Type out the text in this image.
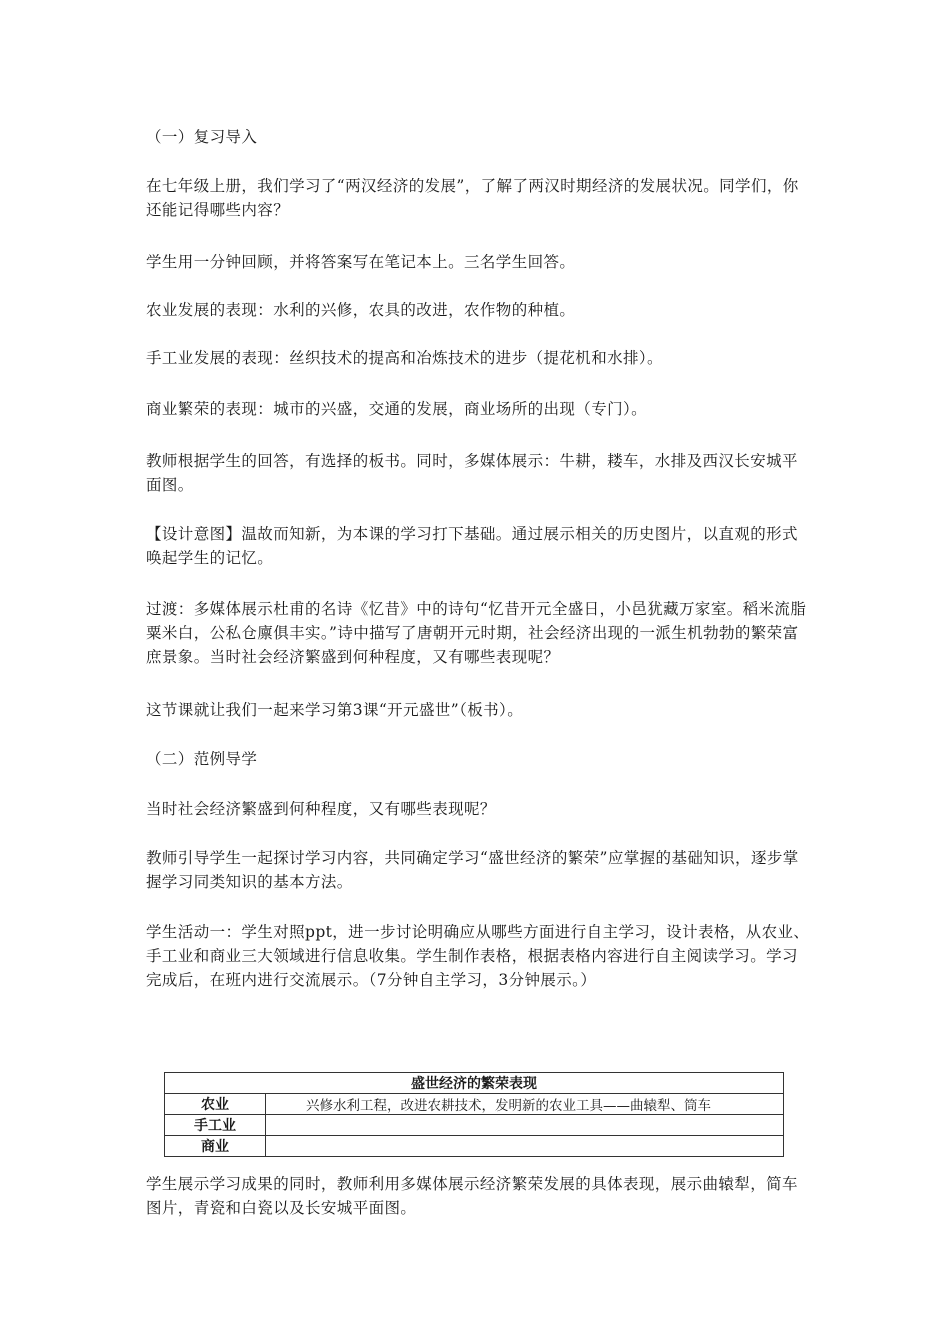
（一）复习导入

在七年级上册，我们学习了“两汉经济的发展”，了解了两汉时期经济的发展状况。同学们，你还能记得哪些内容？

学生用一分钟回顾，并将答案写在笔记本上。三名学生回答。

农业发展的表现：水利的兴修，农具的改进，农作物的种植。

手工业发展的表现：丝织技术的提高和冶炼技术的进步（提花机和水排）。

商业繁荣的表现：城市的兴盛，交通的发展，商业场所的出现（专门）。

教师根据学生的回答，有选择的板书。同时，多媒体展示：牛耕，耧车，水排及西汉长安城平面图。

【设计意图】温故而知新，为本课的学习打下基础。通过展示相关的历史图片，以直观的形式唤起学生的记忆。

过渡：多媒体展示杜甫的名诗《忆昔》中的诗句“忆昔开元全盛日，小邑犹藏万家室。稻米流脂粟米白，公私仓廪俱丰实。”诗中描写了唐朝开元时期，社会经济出现的一派生机勃勃的繁荣富庶景象。当时社会经济繁盛到何种程度，又有哪些表现呢？

这节课就让我们一起来学习第3课“开元盛世”（板书）。

（二）范例导学

当时社会经济繁盛到何种程度，又有哪些表现呢？

教师引导学生一起探讨学习内容，共同确定学习“盛世经济的繁荣”应掌握的基础知识，逐步掌握学习同类知识的基本方法。

学生活动一：学生对照ppt，进一步讨论明确应从哪些方面进行自主学习，设计表格，从农业、手工业和商业三大领域进行信息收集。学生制作表格，根据表格内容进行自主阅读学习。学习完成后，在班内进行交流展示。（7分钟自主学习，3分钟展示。）

盛世经济的繁荣表现	
农业	兴修水利工程，改进农耕技术，发明新的农业工具——曲辕犁、筒车
手工业	
商业	

学生展示学习成果的同时，教师利用多媒体展示经济繁荣发展的具体表现，展示曲辕犁，简车图片，青瓷和白瓷以及长安城平面图。
